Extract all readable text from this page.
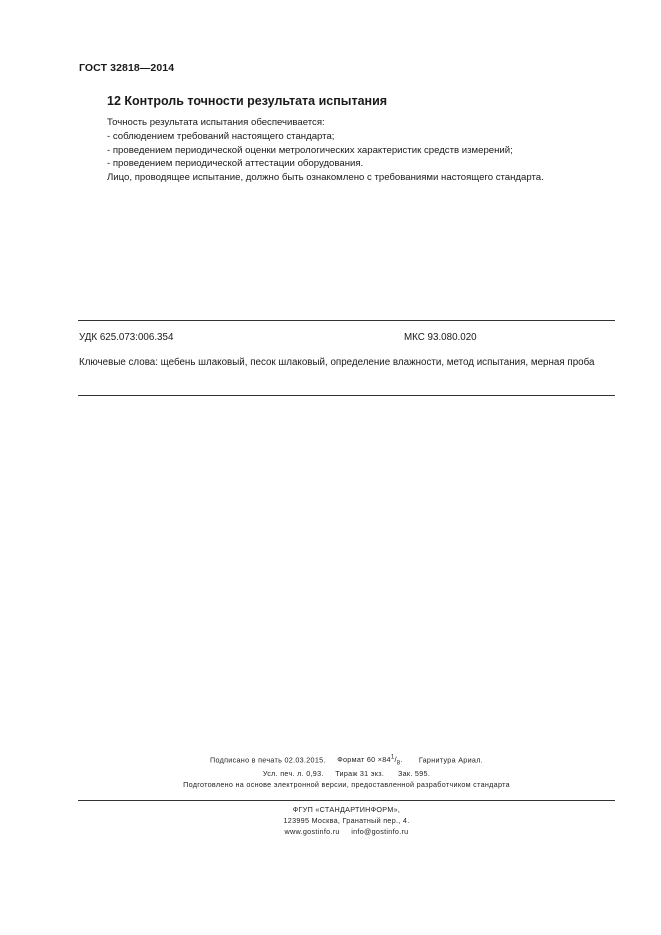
ГОСТ 32818—2014
12 Контроль точности результата испытания
Точность результата испытания обеспечивается:
- соблюдением требований настоящего стандарта;
- проведением периодической оценки метрологических характеристик средств измерений;
- проведением периодической аттестации оборудования.
Лицо, проводящее испытание, должно быть ознакомлено с требованиями настоящего стандарта.
УДК 625.073:006.354	МКС 93.080.020
Ключевые слова: щебень шлаковый, песок шлаковый, определение влажности, метод испытания, мерная проба
Подписано в печать 02.03.2015. Формат $60 \times 84^1/_8$. Гарнитура Ариал.
Усл. печ. л. 0,93. Тираж 31 экз. Зак. 595.
Подготовлено на основе электронной версии, предоставленной разработчиком стандарта
ФГУП «СТАНДАРТИНФОРМ»,
123995 Москва, Гранатный пер., 4.
www.gostinfo.ru info@gostinfo.ru
